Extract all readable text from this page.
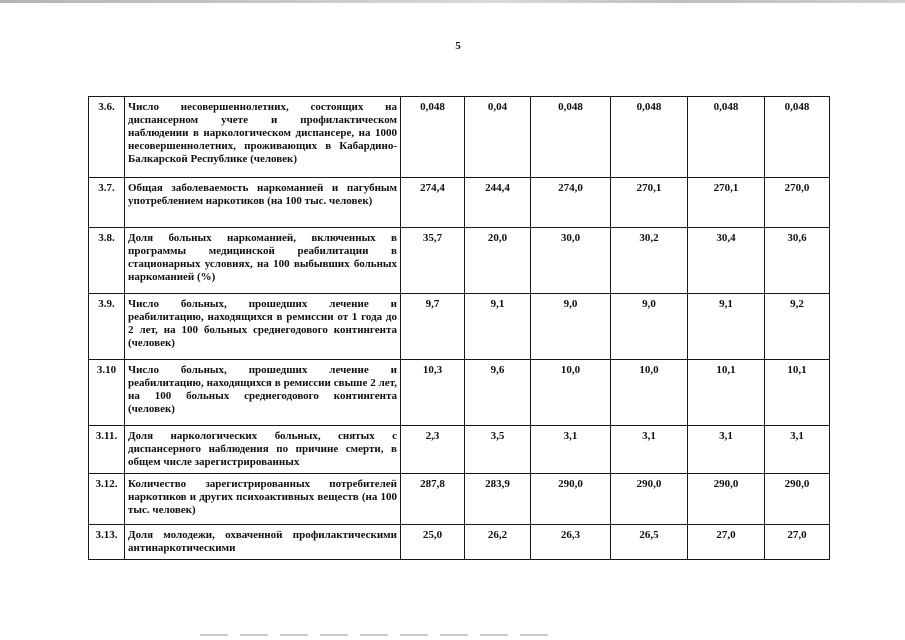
5
3.6.	Число несовершеннолетних, состоящих на диспансерном учете и профилактическом наблюдении в наркологическом диспансере, на 1000 несовершеннолетних, проживающих в Кабардино-Балкарской Республике (человек)	0,048	0,04	0,048	0,048	0,048	0,048
3.7.	Общая заболеваемость наркоманией и пагубным употреблением наркотиков (на 100 тыс. человек)	274,4	244,4	274,0	270,1	270,1	270,0
3.8.	Доля больных наркоманией, включенных в программы медицинской реабилитации в стационарных условиях, на 100 выбывших больных наркоманией (%)	35,7	20,0	30,0	30,2	30,4	30,6
3.9.	Число больных, прошедших лечение и реабилитацию, находящихся в ремиссии от 1 года до 2 лет, на 100 больных среднегодового контингента (человек)	9,7	9,1	9,0	9,0	9,1	9,2
3.10	Число больных, прошедших лечение и реабилитацию, находящихся в ремиссии свыше 2 лет, на 100 больных среднегодового контингента (человек)	10,3	9,6	10,0	10,0	10,1	10,1
3.11.	Доля наркологических больных, снятых с диспансерного наблюдения по причине смерти, в общем числе зарегистрированных	2,3	3,5	3,1	3,1	3,1	3,1
3.12.	Количество зарегистрированных потребителей наркотиков и других психоактивных веществ (на 100 тыс. человек)	287,8	283,9	290,0	290,0	290,0	290,0
3.13.	Доля молодежи, охваченной профилактическими антинаркотическими	25,0	26,2	26,3	26,5	27,0	27,0
